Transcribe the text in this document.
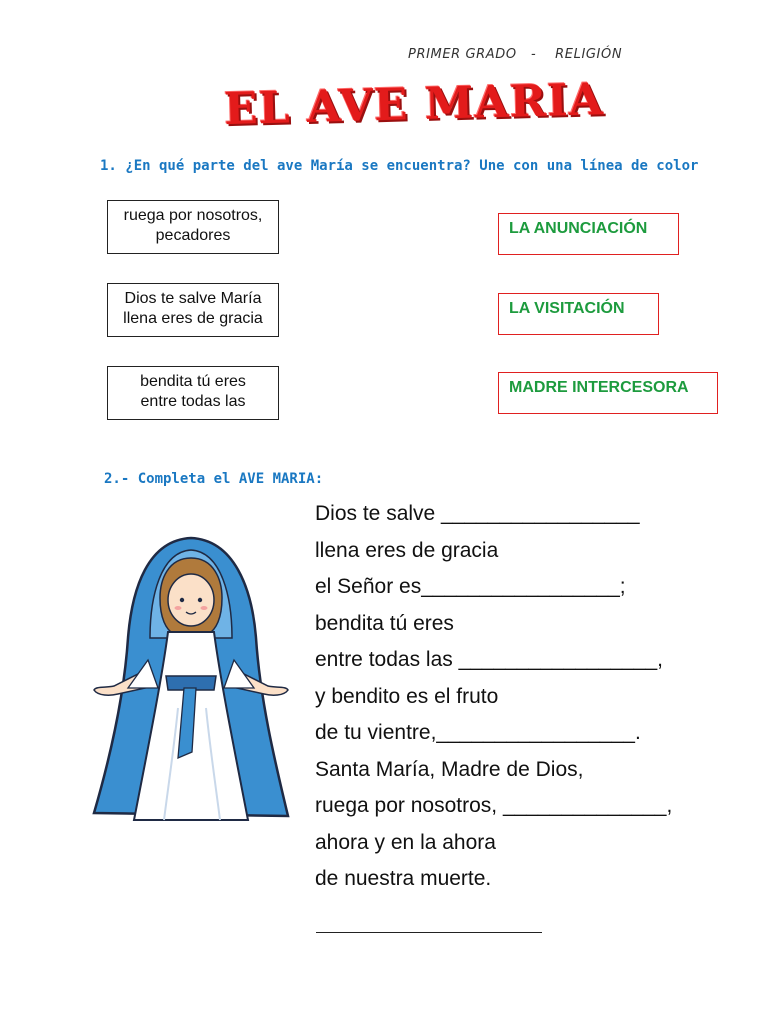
PRIMER GRADO   -    RELIGIÓN
EL AVE MARIA
1. ¿En qué parte del ave María se encuentra? Une con una línea de color
ruega por nosotros,
pecadores
Dios te salve María
llena eres de gracia
bendita tú eres
entre todas las
LA ANUNCIACIÓN
LA VISITACIÓN
MADRE INTERCESORA
2.- Completa el AVE MARIA:
Dios te salve _________________
llena eres de gracia
el Señor es_________________;
bendita tú eres
entre todas las _________________,
y bendito es el fruto
de tu vientre,_________________.
Santa María, Madre de Dios,
ruega por nosotros, ______________,
ahora y en la ahora
de nuestra muerte.
